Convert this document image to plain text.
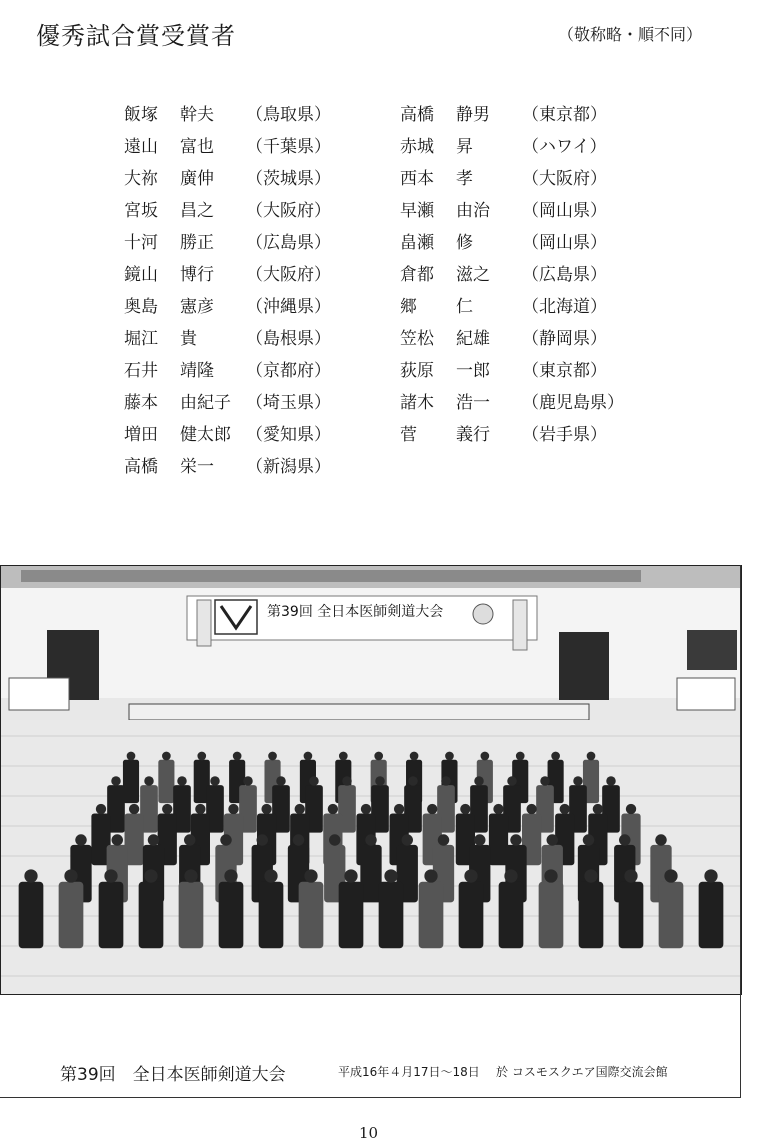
優秀試合賞受賞者	（敬称略・順不同）
飯塚	幹夫	（鳥取県）
遠山	富也	（千葉県）
大祢	廣伸	（茨城県）
宮坂	昌之	（大阪府）
十河	勝正	（広島県）
鏡山	博行	（大阪府）
奥島	憲彦	（沖縄県）
堀江	貴	（島根県）
石井	靖隆	（京都府）
藤本	由紀子 （埼玉県）
増田	健太郎 （愛知県）
高橋	栄一	（新潟県）
高橋	静男	（東京都）
赤城	昇	（ハワイ）
西本	孝	（大阪府）
早瀬	由治	（岡山県）
畠瀬	修	（岡山県）
倉都	滋之	（広島県）
郷	仁	（北海道）
笠松	紀雄	（静岡県）
荻原	一郎	（東京都）
諸木	浩一	（鹿児島県）
菅	義行	（岩手県）
第39回 全日本医師剣道大会
第39回　全日本医師剣道大会	平成16年４月17日～18日 於 コスモスクエア国際交流会館
10
